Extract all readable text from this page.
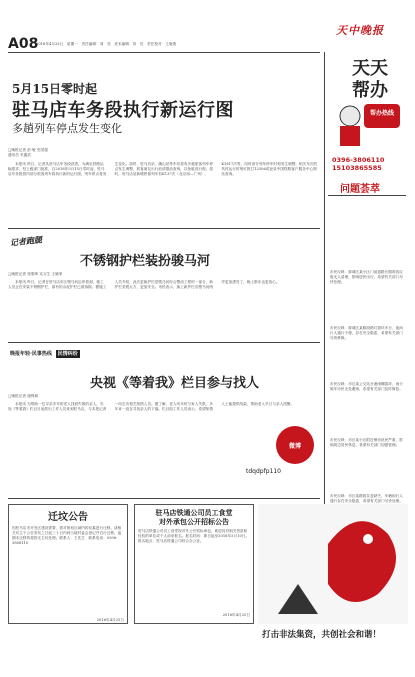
A08
2016年4月25日　星期一　责任编辑：刘　亮　美术编辑：刘　亮　责任校对：王晓燕
天中晚报
天天帮办
帮办热线
0396-3806110
15103865585
问题荟萃
5月15日零时起
驻马店车务段执行新运行图
多趟列车停点发生变化
□晚报记者 彭·敏 史国超
通讯员 朱鑫武

本报讯 昨日，记者从驻马店车务段获悉，为满足铁路运输需求，经上级部门批准，自2016年5月15日零时起，驻马店车务段管内部分旅客列车将执行新的运行图，列车停点将发生变化。届时，驻马店站、确山站等车站将有多趟旅客列车停点发生调整，旅客朋友出行前请提前查询，以免耽误行程。届时，驻马店站新增停靠列车有K137次（北京西—广州）、K1617次等，同时部分列车停车时刻发生调整。相关车次的具体运行时刻可拨打12306或登录中国铁路客户服务中心网站查询。

记者跑腿
不锈钢护栏装扮骏马河
□晚报记者 张明琦 实习生 王晓菲

本报讯 昨日，记者在驻马店市区骏马河沿岸看到，施工人员正在安装不锈钢护栏，原有的水泥护栏已被拆除。据施工人员介绍，此次更换护栏是骏马河综合整治工程的一部分，新护栏美观大方，更加安全。市民表示，换上新护栏后骏马河两岸更加漂亮了，晚上散步也更放心。

晚报年轻·民事热线 民情纠纷
央视《等着我》栏目参与找人
□晚报记者 谢保林

本报讯 为帮助一位寻亲多年的老人找到失散的亲人，央视《等着我》栏目日前派出工作人员来到驻马店，与本报记者一同走访相关知情人员。据了解，老人幼年时与家人失散，多年来一直在寻找亲人的下落。栏目组工作人员表示，希望知情人士能提供线索，帮助老人早日与亲人团聚。

微博
tdqdpfp110
市民反映：驿城区某小区门前道路长期堆放垃圾无人清理，影响居民出行，希望有关部门尽快处理。
市民反映：驿城区某路段路灯损坏多日，夜间行人通行不便，存在安全隐患，希望有关部门尽快维修。
市民反映：市区某公交站台遮雨棚损坏，雨天候车市民无处避雨，希望有关部门及时修复。
市民反映：市区某小区附近噪音扰民严重，影响周边居民休息，希望有关部门加强管理。
市民反映：市区某路段井盖缺失，车辆和行人通行存在安全隐患，希望有关部门尽快处理。
迁坟公告
因驻马店市开发区建设需要，需对规划区域内的坟墓进行迁移。请相关坟主于公告发布之日起三十日内到当地村委会登记并自行迁移，逾期未迁移的将按无主坟处理。联系人：王先生　联系电话：0396-3806110
2016年4月25日
驻马店铁通公司员工食堂
对外承包公开招标公告
驻马店铁通公司员工食堂现对外公开招标承包，欢迎具有相关资质和经验的单位或个人前来报名。报名时间：即日起至2016年5月10日。报名地点：驻马店铁通公司综合办公室。
2016年4月25日
打击非法集资，共创社会和谐！
